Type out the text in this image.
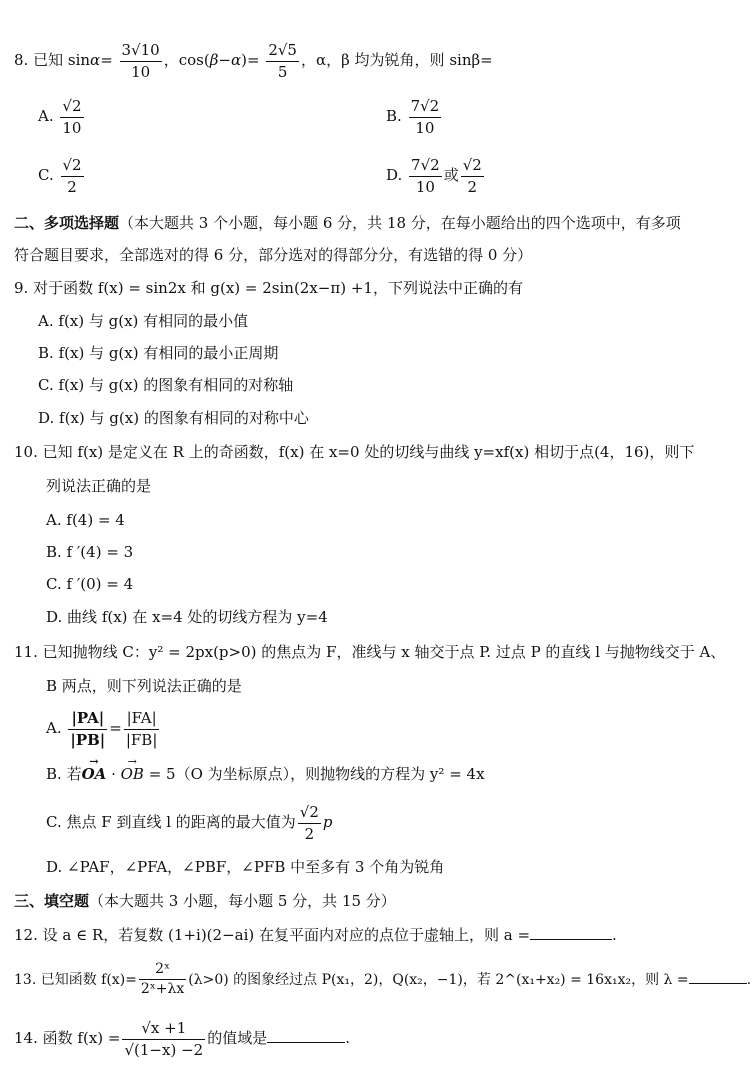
8. 已知 $\sin\alpha= \frac{3√10}{10}$ ，$\cos(\beta-\alpha)= \frac{2√5}{5}$ ，α，β 均为锐角，则 sinβ=
A. $\frac{√2}{10}$	B. $\frac{7√2}{10}$
C. $\frac{√2}{2}$	D. $\frac{7√2}{10}$ 或 $\frac{√2}{2}$
二、多项选择题（本大题共 3 个小题，每小题 6 分，共 18 分，在每小题给出的四个选项中，有多项
符合题目要求，全部选对的得 6 分，部分选对的得部分分，有选错的得 0 分）
9. 对于函数 f(x) = sin2x 和 g(x) = 2sin(2x−π) +1，下列说法中正确的有
A. f(x) 与 g(x) 有相同的最小值
B. f(x) 与 g(x) 有相同的最小正周期
C. f(x) 与 g(x) 的图象有相同的对称轴
D. f(x) 与 g(x) 的图象有相同的对称中心
10. 已知 f(x) 是定义在 R 上的奇函数，f(x) 在 x=0 处的切线与曲线 y=xf(x) 相切于点(4，16)，则下
列说法正确的是
A. f(4) = 4
B. f ′(4) = 3
C. f ′(0) = 4
D. 曲线 f(x) 在 x=4 处的切线方程为 y=4
11. 已知抛物线 C：y² = 2px(p>0) 的焦点为 F，准线与 x 轴交于点 P. 过点 P 的直线 l 与抛物线交于 A、
B 两点，则下列说法正确的是
A. $\frac{|PA|}{|PB|} = \frac{|FA|}{|FB|}$
B. 若→ OA · → OB = 5（O 为坐标原点），则抛物线的方程为 y² = 4x
C. 焦点 F 到直线 l 的距离的最大值为 $\frac{√2}{2}$ p
D. ∠PAF，∠PFA，∠PBF，∠PFB 中至多有 3 个角为锐角
三、填空题（本大题共 3 小题，每小题 5 分，共 15 分）
12. 设 a ∈ R，若复数 (1+i)(2−ai) 在复平面内对应的点位于虚轴上，则 a =	.
13. 已知函数 $f(x)= \frac{\text{2ˣ}}{\text{2ˣ+λx}} (\lambda>0)$ 的图象经过点 P(x₁，2)，Q(x₂，−1)，若 2^(x₁+x₂) = 16x₁x₂，则 λ =	.
14. 函数 $f(x) = \frac{√x +1}{√(1-x) -2}$ 的值域是	.
